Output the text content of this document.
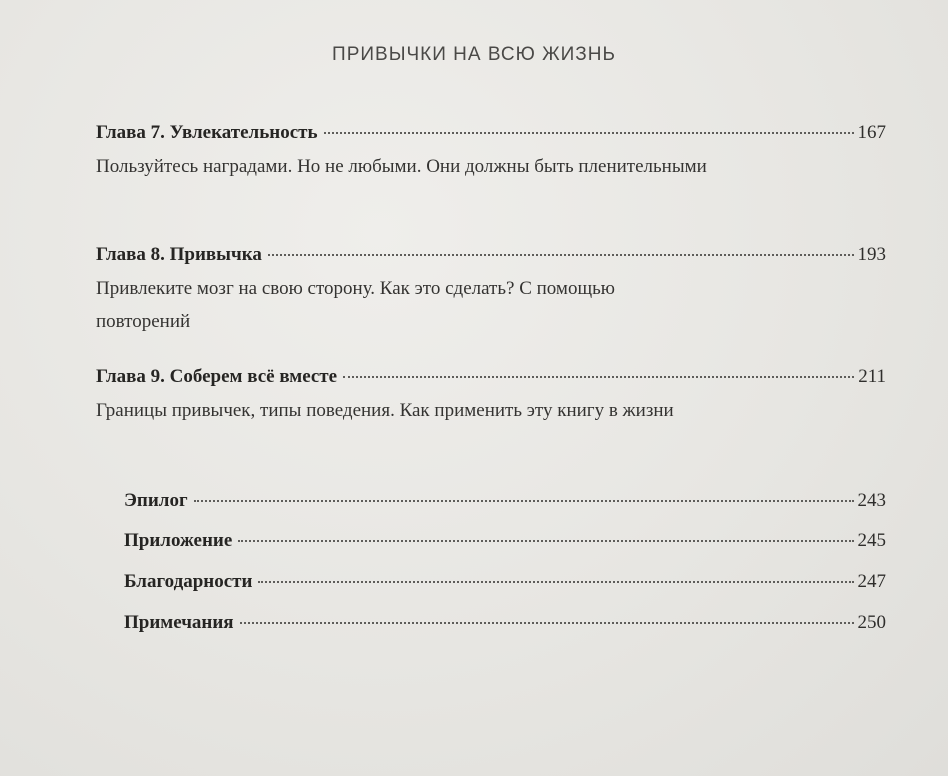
ПРИВЫЧКИ НА ВСЮ ЖИЗНЬ
Глава 7. Увлекательность	167
Пользуйтесь наградами. Но не любыми. Они должны быть пленительными
Глава 8. Привычка	193
Привлеките мозг на свою сторону. Как это сделать? С помощью повторений
Глава 9. Соберем всё вместе	211
Границы привычек, типы поведения. Как применить эту книгу в жизни
Эпилог	243
Приложение	245
Благодарности	247
Примечания	250
